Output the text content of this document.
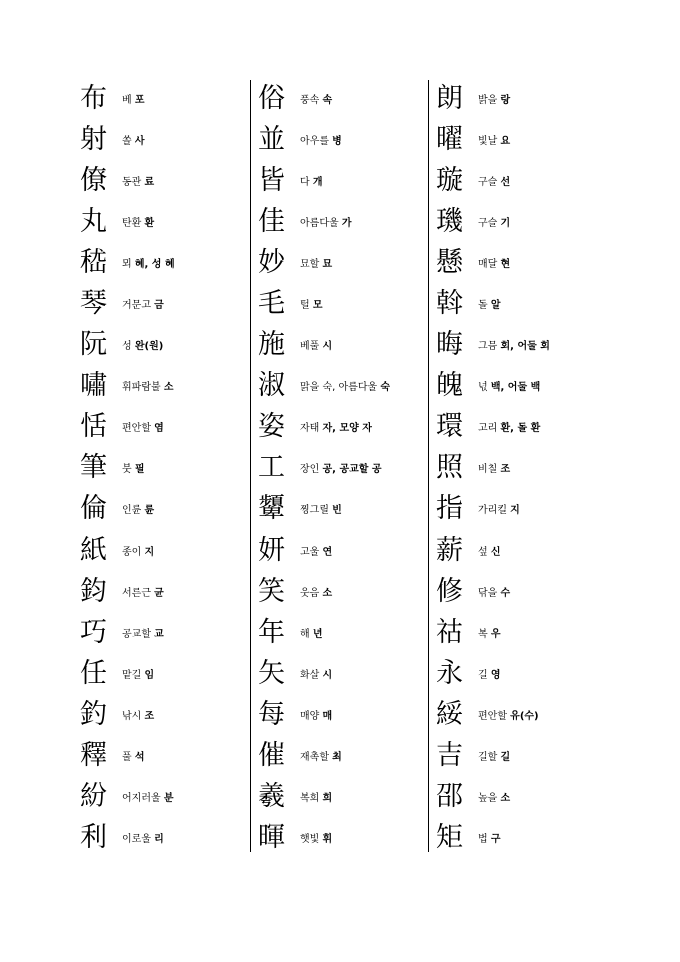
布	베 포
射	쏠 사
僚	동관 료
丸	탄환 환
嵇	뫼 혜, 성 혜
琴	거문고 금
阮	성 완(원)
嘯	휘파람불 소
恬	편안할 염
筆	붓 필
倫	인륜 륜
紙	종이 지
鈞	서른근 균
巧	공교할 교
任	맡길 임
釣	낚시 조
釋	풀 석
紛	어지러울 분
利	이로울 리
俗	풍속 속
並	아우를 병
皆	다 개
佳	아름다울 가
妙	묘할 묘
毛	털 모
施	베풀 시
淑	맑을 숙, 아름다울 숙
姿	자태 자, 모양 자
工	장인 공, 공교할 공
顰	찡그릴 빈
妍	고울 연
笑	웃음 소
年	해 년
矢	화살 시
每	매양 매
催	재촉할 최
羲	복희 희
暉	햇빛 휘
朗	밝을 랑
曜	빛날 요
璇	구슬 선
璣	구슬 기
懸	매달 현
斡	돌 알
晦	그믐 회, 어둘 회
魄	넋 백, 어둘 백
環	고리 환, 돌 환
照	비칠 조
指	가리킬 지
薪	섶 신
修	닦을 수
祜	복 우
永	길 영
綏	편안할 유(수)
吉	길할 길
邵	높을 소
矩	법 구
